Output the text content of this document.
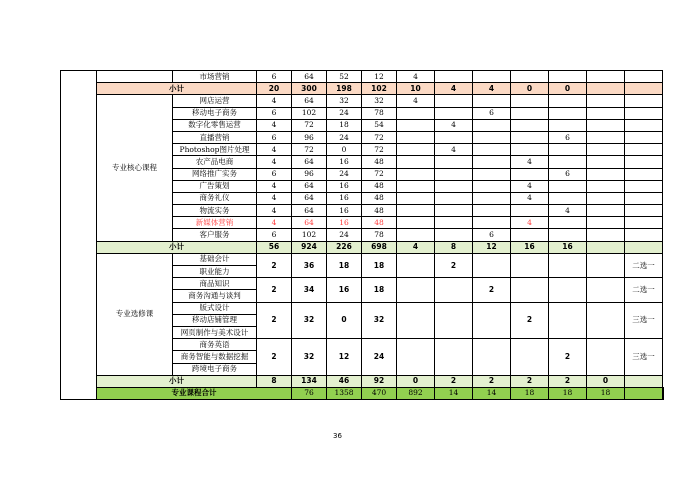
		市场营销	6	64	52	12	4							
	小计		20	300	198	102	10	4	4	0	0			
	专业核心课程	网店运营	4	64	32	32	4							
		移动电子商务	6	102	24	78			6					
		数字化零售运营	4	72	18	54		4						
		直播营销	6	96	24	72					6			
		Photoshop图片处理	4	72	0	72		4						
		农产品电商	4	64	16	48				4				
		网络推广实务	6	96	24	72					6			
		广告策划	4	64	16	48				4				
		商务礼仪	4	64	16	48				4				
		物流实务	4	64	16	48					4			
		新媒体营销	4	64	16	48				4				
		客户服务	6	102	24	78			6					
	小计		56	924	226	698	4	8	12	16	16			
	专业选修课	基础会计	2	36	18	18		2					二选一	
		职业能力												
		商品知识	2	34	16	18			2				二选一	
		商务沟通与谈判												
		版式设计	2	32	0	32				2			三选一	
		移动店铺管理												
		网页制作与美术设计												
		商务英语	2	32	12	24					2		三选一	
		商务智能与数据挖掘												
		跨境电子商务												
	小计		8	134	46	92	0	2	2	2	2	0		
	专业课程合计			76	1358	470	892	14	14	18	18	18		
36
